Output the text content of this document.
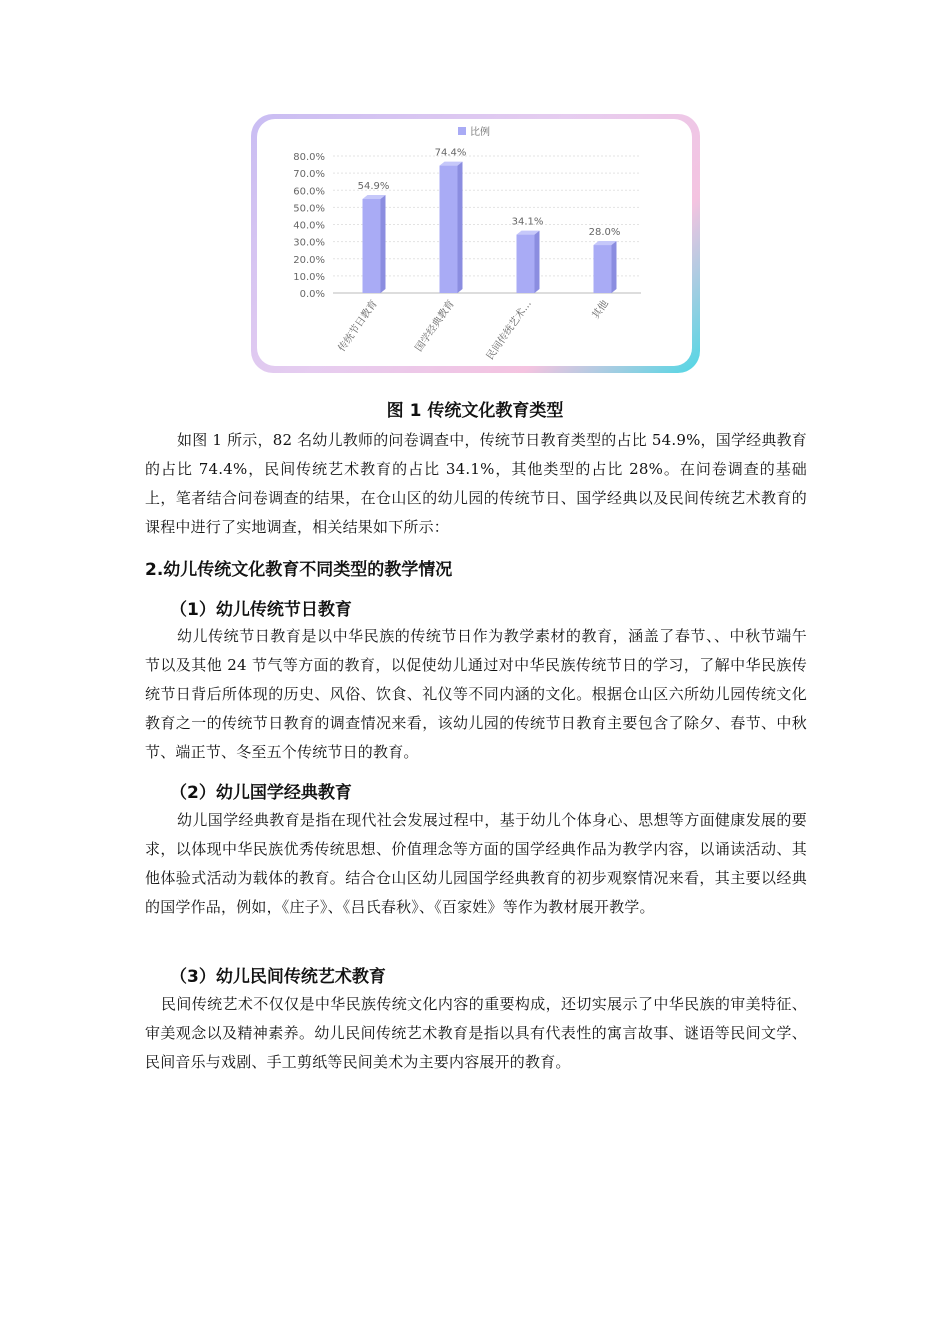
比例
0.0%
10.0%
20.0%
30.0%
40.0%
50.0%
60.0%
70.0%
80.0%
54.9%
传统节日教育
74.4%
国学经典教育
34.1%
民间传统艺术…
28.0%
其他
图 1 传统文化教育类型

如图 1 所示，82 名幼儿教师的问卷调查中，传统节日教育类型的占比 54.9%，国学经典教育的占比 74.4%，民间传统艺术教育的占比 34.1%，其他类型的占比 28%。在问卷调查的基础上，笔者结合问卷调查的结果，在仓山区的幼儿园的传统节日、国学经典以及民间传统艺术教育的课程中进行了实地调查，相关结果如下所示：

2.幼儿传统文化教育不同类型的教学情况
（1）幼儿传统节日教育

幼儿传统节日教育是以中华民族的传统节日作为教学素材的教育，涵盖了春节、、中秋节端午节以及其他 24 节气等方面的教育，以促使幼儿通过对中华民族传统节日的学习，了解中华民族传统节日背后所体现的历史、风俗、饮食、礼仪等不同内涵的文化。根据仓山区六所幼儿园传统文化教育之一的传统节日教育的调查情况来看，该幼儿园的传统节日教育主要包含了除夕、春节、中秋节、端正节、冬至五个传统节日的教育。

（2）幼儿国学经典教育

幼儿国学经典教育是指在现代社会发展过程中，基于幼儿个体身心、思想等方面健康发展的要求，以体现中华民族优秀传统思想、价值理念等方面的国学经典作品为教学内容，以诵读活动、其他体验式活动为载体的教育。结合仓山区幼儿园国学经典教育的初步观察情况来看，其主要以经典的国学作品，例如，《庄子》、《吕氏春秋》、《百家姓》等作为教材展开教学。

（3）幼儿民间传统艺术教育

民间传统艺术不仅仅是中华民族传统文化内容的重要构成，还切实展示了中华民族的审美特征、审美观念以及精神素养。幼儿民间传统艺术教育是指以具有代表性的寓言故事、谜语等民间文学、民间音乐与戏剧、手工剪纸等民间美术为主要内容展开的教育。
